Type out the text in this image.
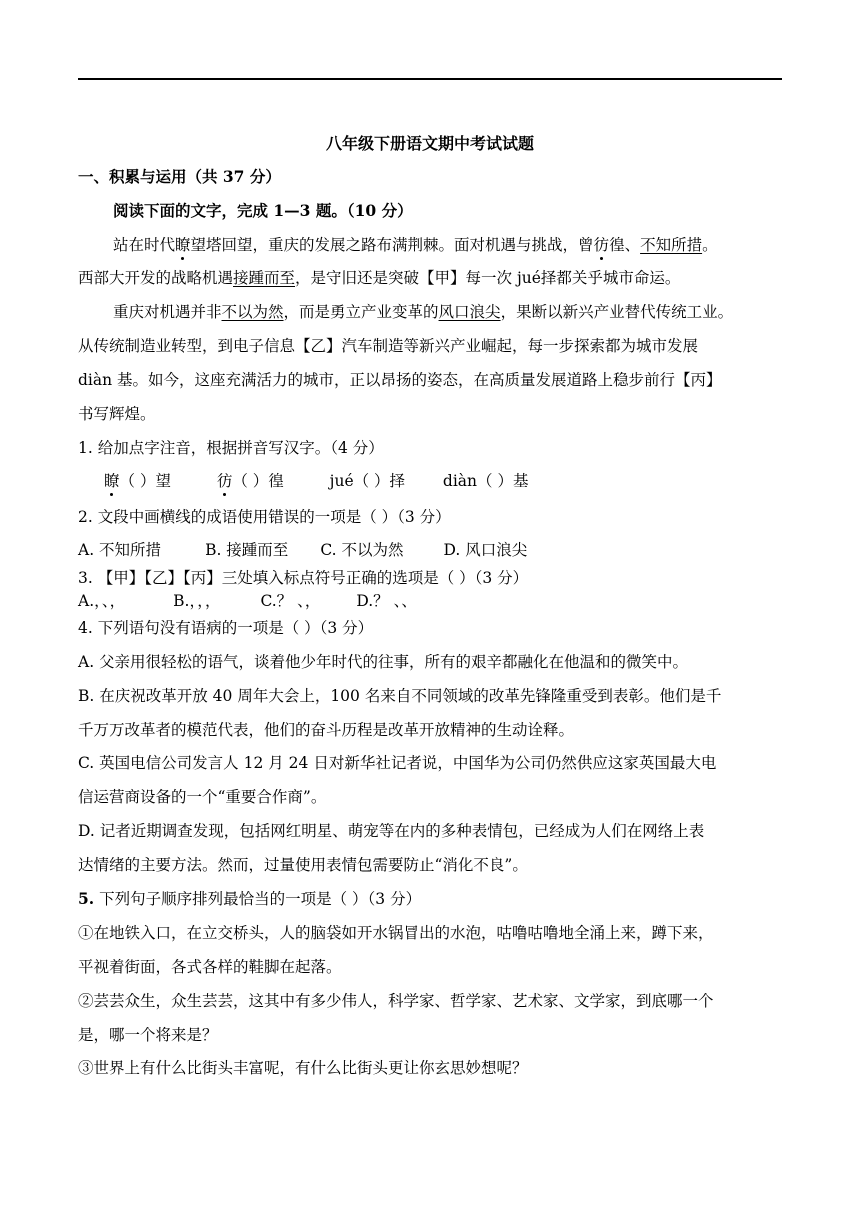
八年级下册语文期中考试试题
一、积累与运用（共 37 分）
阅读下面的文字，完成 1—3 题。（10 分）
站在时代瞭望塔回望，重庆的发展之路布满荆棘。面对机遇与挑战，曾彷徨、不知所措。
西部大开发的战略机遇接踵而至，是守旧还是突破【甲】每一次 jué择都关乎城市命运。
重庆对机遇并非不以为然，而是勇立产业变革的风口浪尖，果断以新兴产业替代传统工业。
从传统制造业转型，到电子信息【乙】汽车制造等新兴产业崛起，每一步探索都为城市发展
diàn 基。如今，这座充满活力的城市，正以昂扬的姿态，在高质量发展道路上稳步前行【丙】
书写辉煌。
1. 给加点字注音，根据拼音写汉字。（4 分）
瞭（ ）望	彷（ ）徨	jué（ ）择 diàn（ ）基
2. 文段中画横线的成语使用错误的一项是（ ）（3 分）
A. 不知所措	B. 接踵而至 C. 不以为然	D. 风口浪尖
3. 【甲】【乙】【丙】三处填入标点符号正确的选项是（ ）（3 分）
A.，、，	B.，，，	C.？ 、， D.？ 、、
4. 下列语句没有语病的一项是（ ）（3 分）
A. 父亲用很轻松的语气，谈着他少年时代的往事，所有的艰辛都融化在他温和的微笑中。
B. 在庆祝改革开放 40 周年大会上，100 名来自不同领域的改革先锋隆重受到表彰。他们是千
千万万改革者的模范代表，他们的奋斗历程是改革开放精神的生动诠释。
C. 英国电信公司发言人 12 月 24 日对新华社记者说，中国华为公司仍然供应这家英国最大电
信运营商设备的一个“重要合作商”。
D. 记者近期调查发现，包括网红明星、萌宠等在内的多种表情包，已经成为人们在网络上表
达情绪的主要方法。然而，过量使用表情包需要防止“消化不良”。
5. 下列句子顺序排列最恰当的一项是（ ）（3 分）
①在地铁入口，在立交桥头，人的脑袋如开水锅冒出的水泡，咕噜咕噜地全涌上来，蹲下来，
平视着街面，各式各样的鞋脚在起落。
②芸芸众生，众生芸芸，这其中有多少伟人，科学家、哲学家、艺术家、文学家，到底哪一个
是，哪一个将来是？
③世界上有什么比街头丰富呢，有什么比街头更让你玄思妙想呢？
